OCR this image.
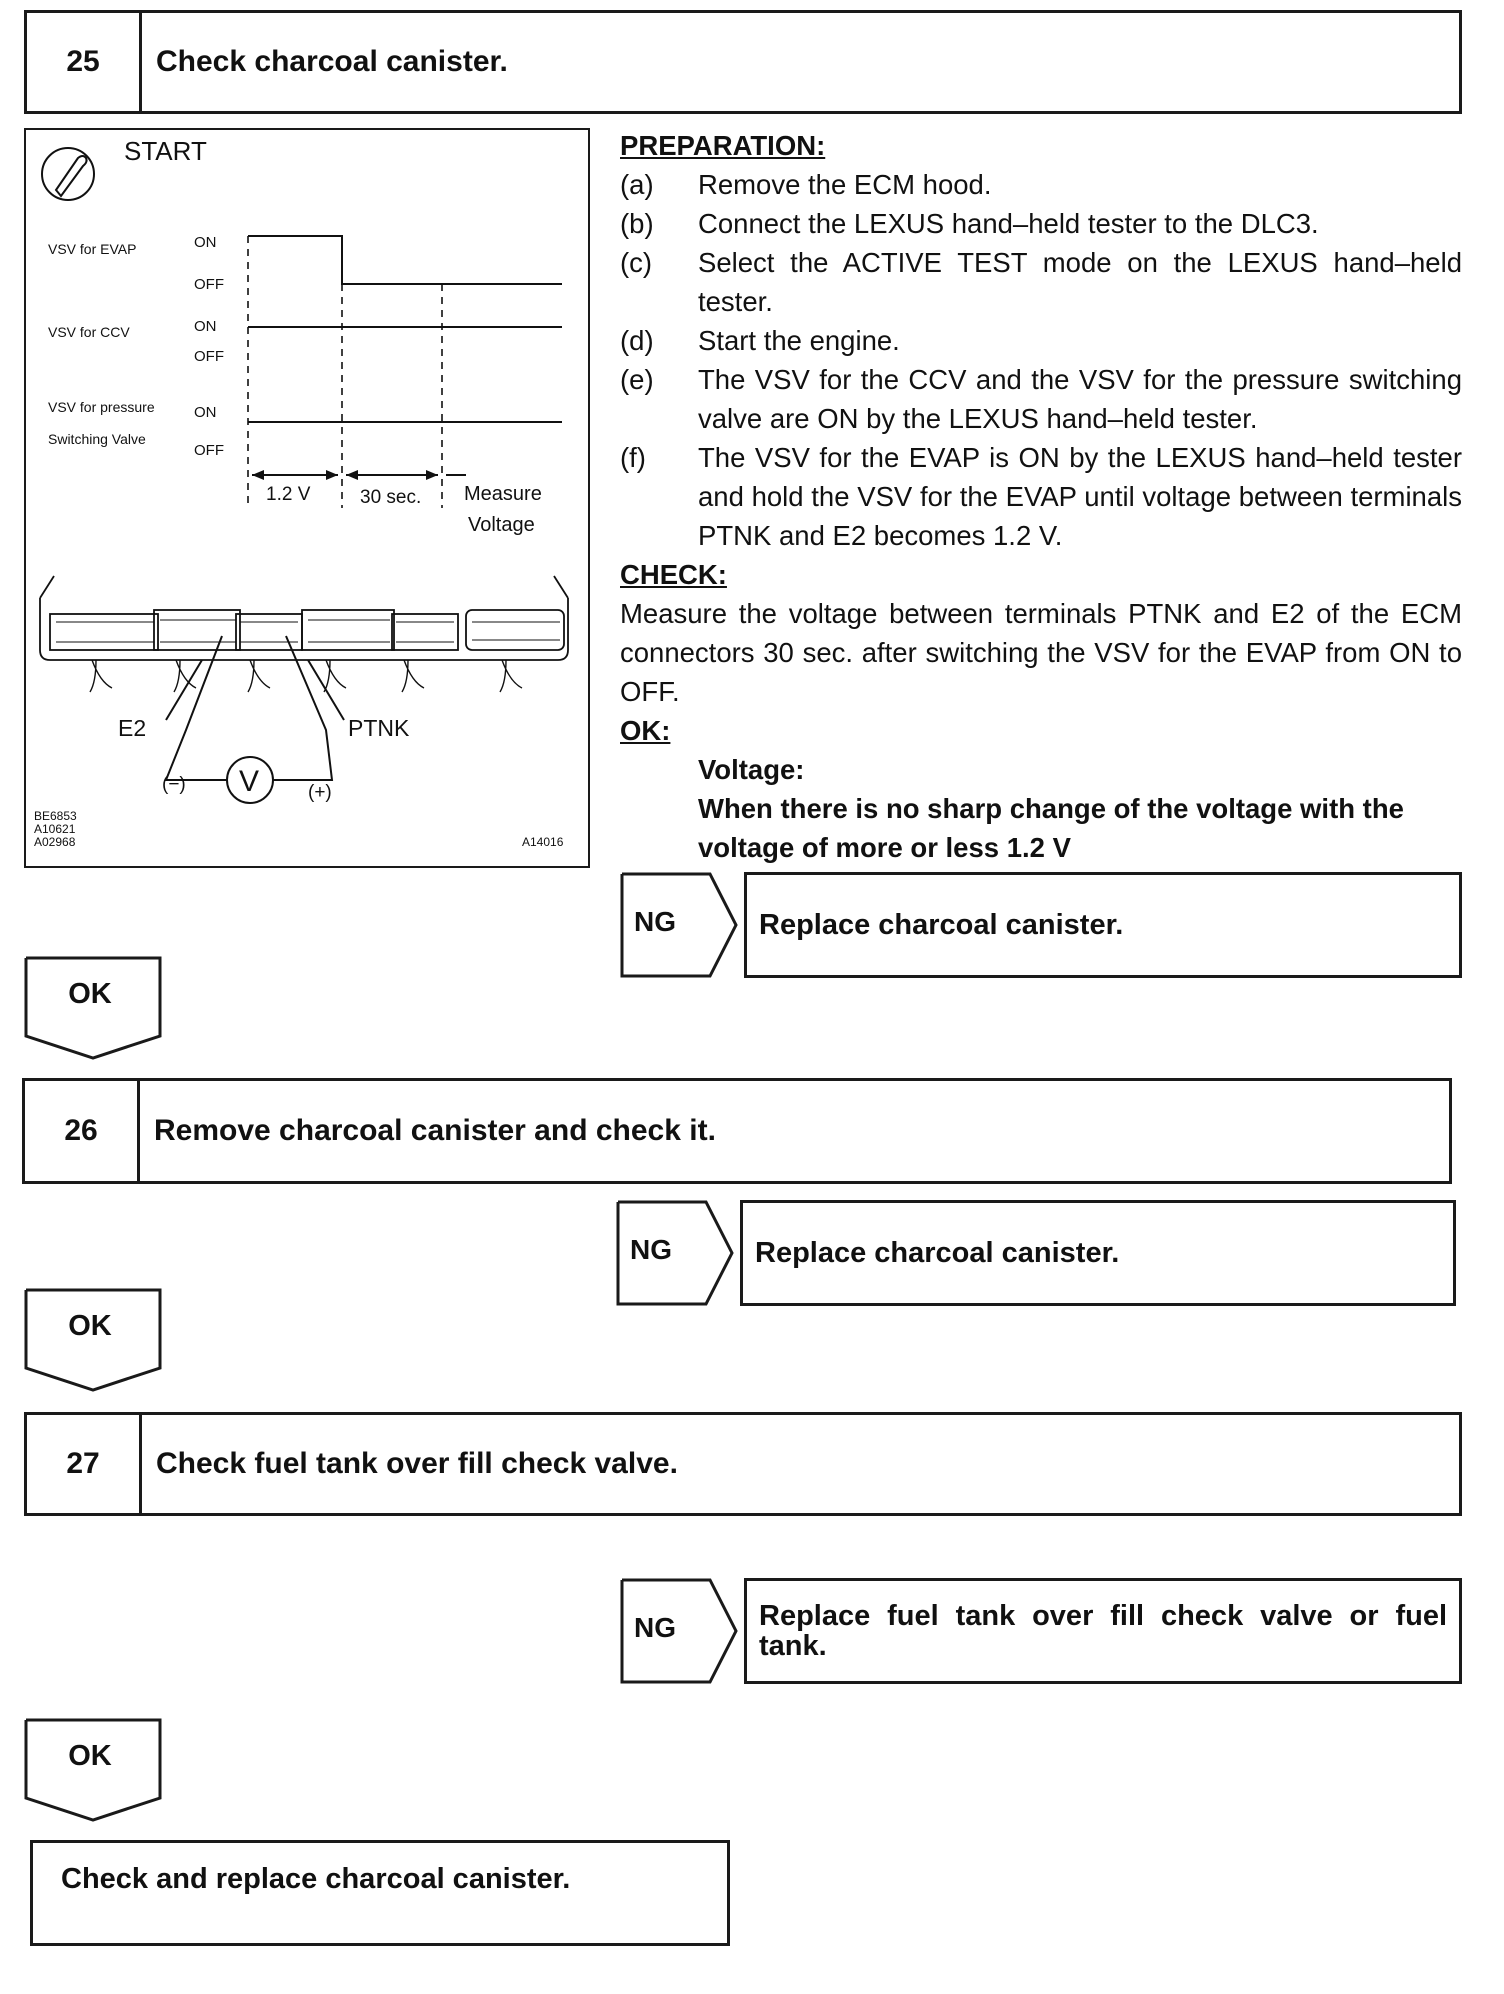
25	Check charcoal canister.
START
VSV for EVAP	ON
OFF
VSV for CCV	ON
OFF
VSV for pressure
Switching Valve
ON
OFF
1.2 V	30 sec. Measure
Voltage
V
E2	PTNK
(−)	(+)
BE6853
A10621
A02968	A14016
PREPARATION:
(a)	Remove the ECM hood.
(b)	Connect the LEXUS hand–held tester to the DLC3.
(c)	Select the ACTIVE TEST mode on the LEXUS hand–held tester.
(d)	Start the engine.
(e)	The VSV for the CCV and the VSV for the pressure switching valve are ON by the LEXUS hand–held tester.
(f)	The VSV for the EVAP is ON by the LEXUS hand–held tester and hold the VSV for the EVAP until voltage between terminals PTNK and E2 becomes 1.2 V.
CHECK:
Measure the voltage between terminals PTNK and E2 of the ECM connectors 30 sec. after switching the VSV for the EVAP from ON to OFF.
OK:
Voltage:
When there is no sharp change of the voltage with the voltage of more or less 1.2 V
NG	Replace charcoal canister.
OK
26	Remove charcoal canister and check it.
NG	Replace charcoal canister.
OK
27	Check fuel tank over fill check valve.
NG	Replace fuel tank over fill check valve or fuel tank.
OK
Check and replace charcoal canister.
